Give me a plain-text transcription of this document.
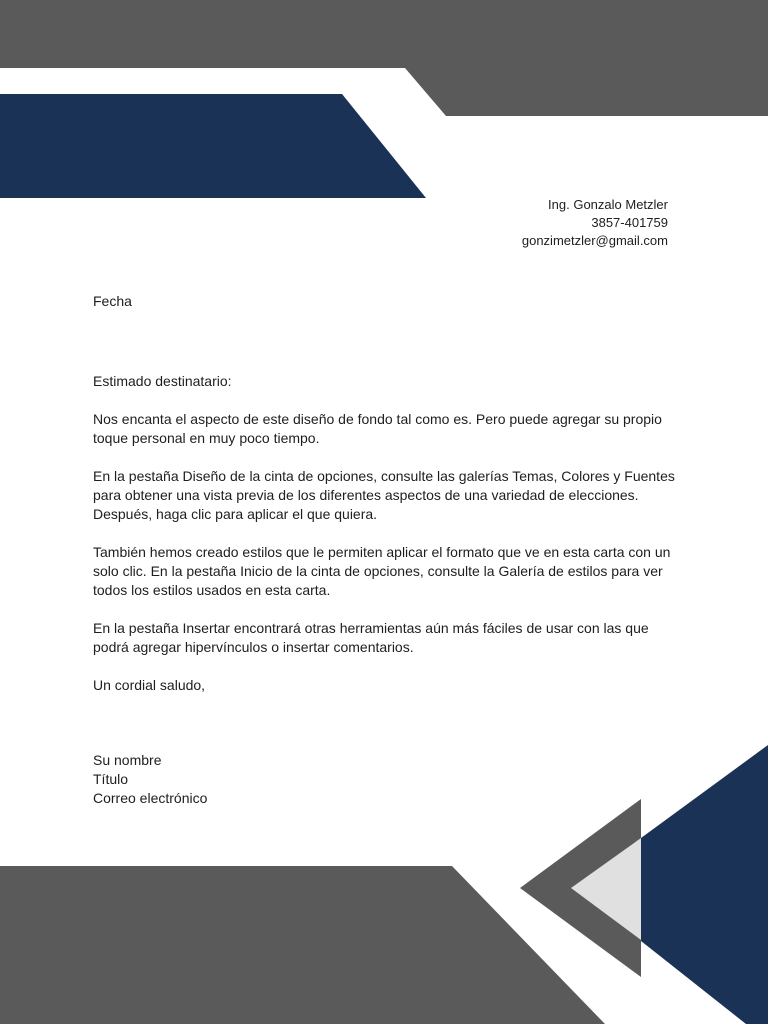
Ing. Gonzalo Metzler
3857-401759
gonzimetzler@gmail.com

Fecha

Estimado destinatario:

Nos encanta el aspecto de este diseño de fondo tal como es. Pero puede agregar su propio toque personal en muy poco tiempo.

En la pestaña Diseño de la cinta de opciones, consulte las galerías Temas, Colores y Fuentes para obtener una vista previa de los diferentes aspectos de una variedad de elecciones. Después, haga clic para aplicar el que quiera.

También hemos creado estilos que le permiten aplicar el formato que ve en esta carta con un solo clic. En la pestaña Inicio de la cinta de opciones, consulte la Galería de estilos para ver todos los estilos usados en esta carta.

En la pestaña Insertar encontrará otras herramientas aún más fáciles de usar con las que podrá agregar hipervínculos o insertar comentarios.

Un cordial saludo,

Su nombre
Título
Correo electrónico
